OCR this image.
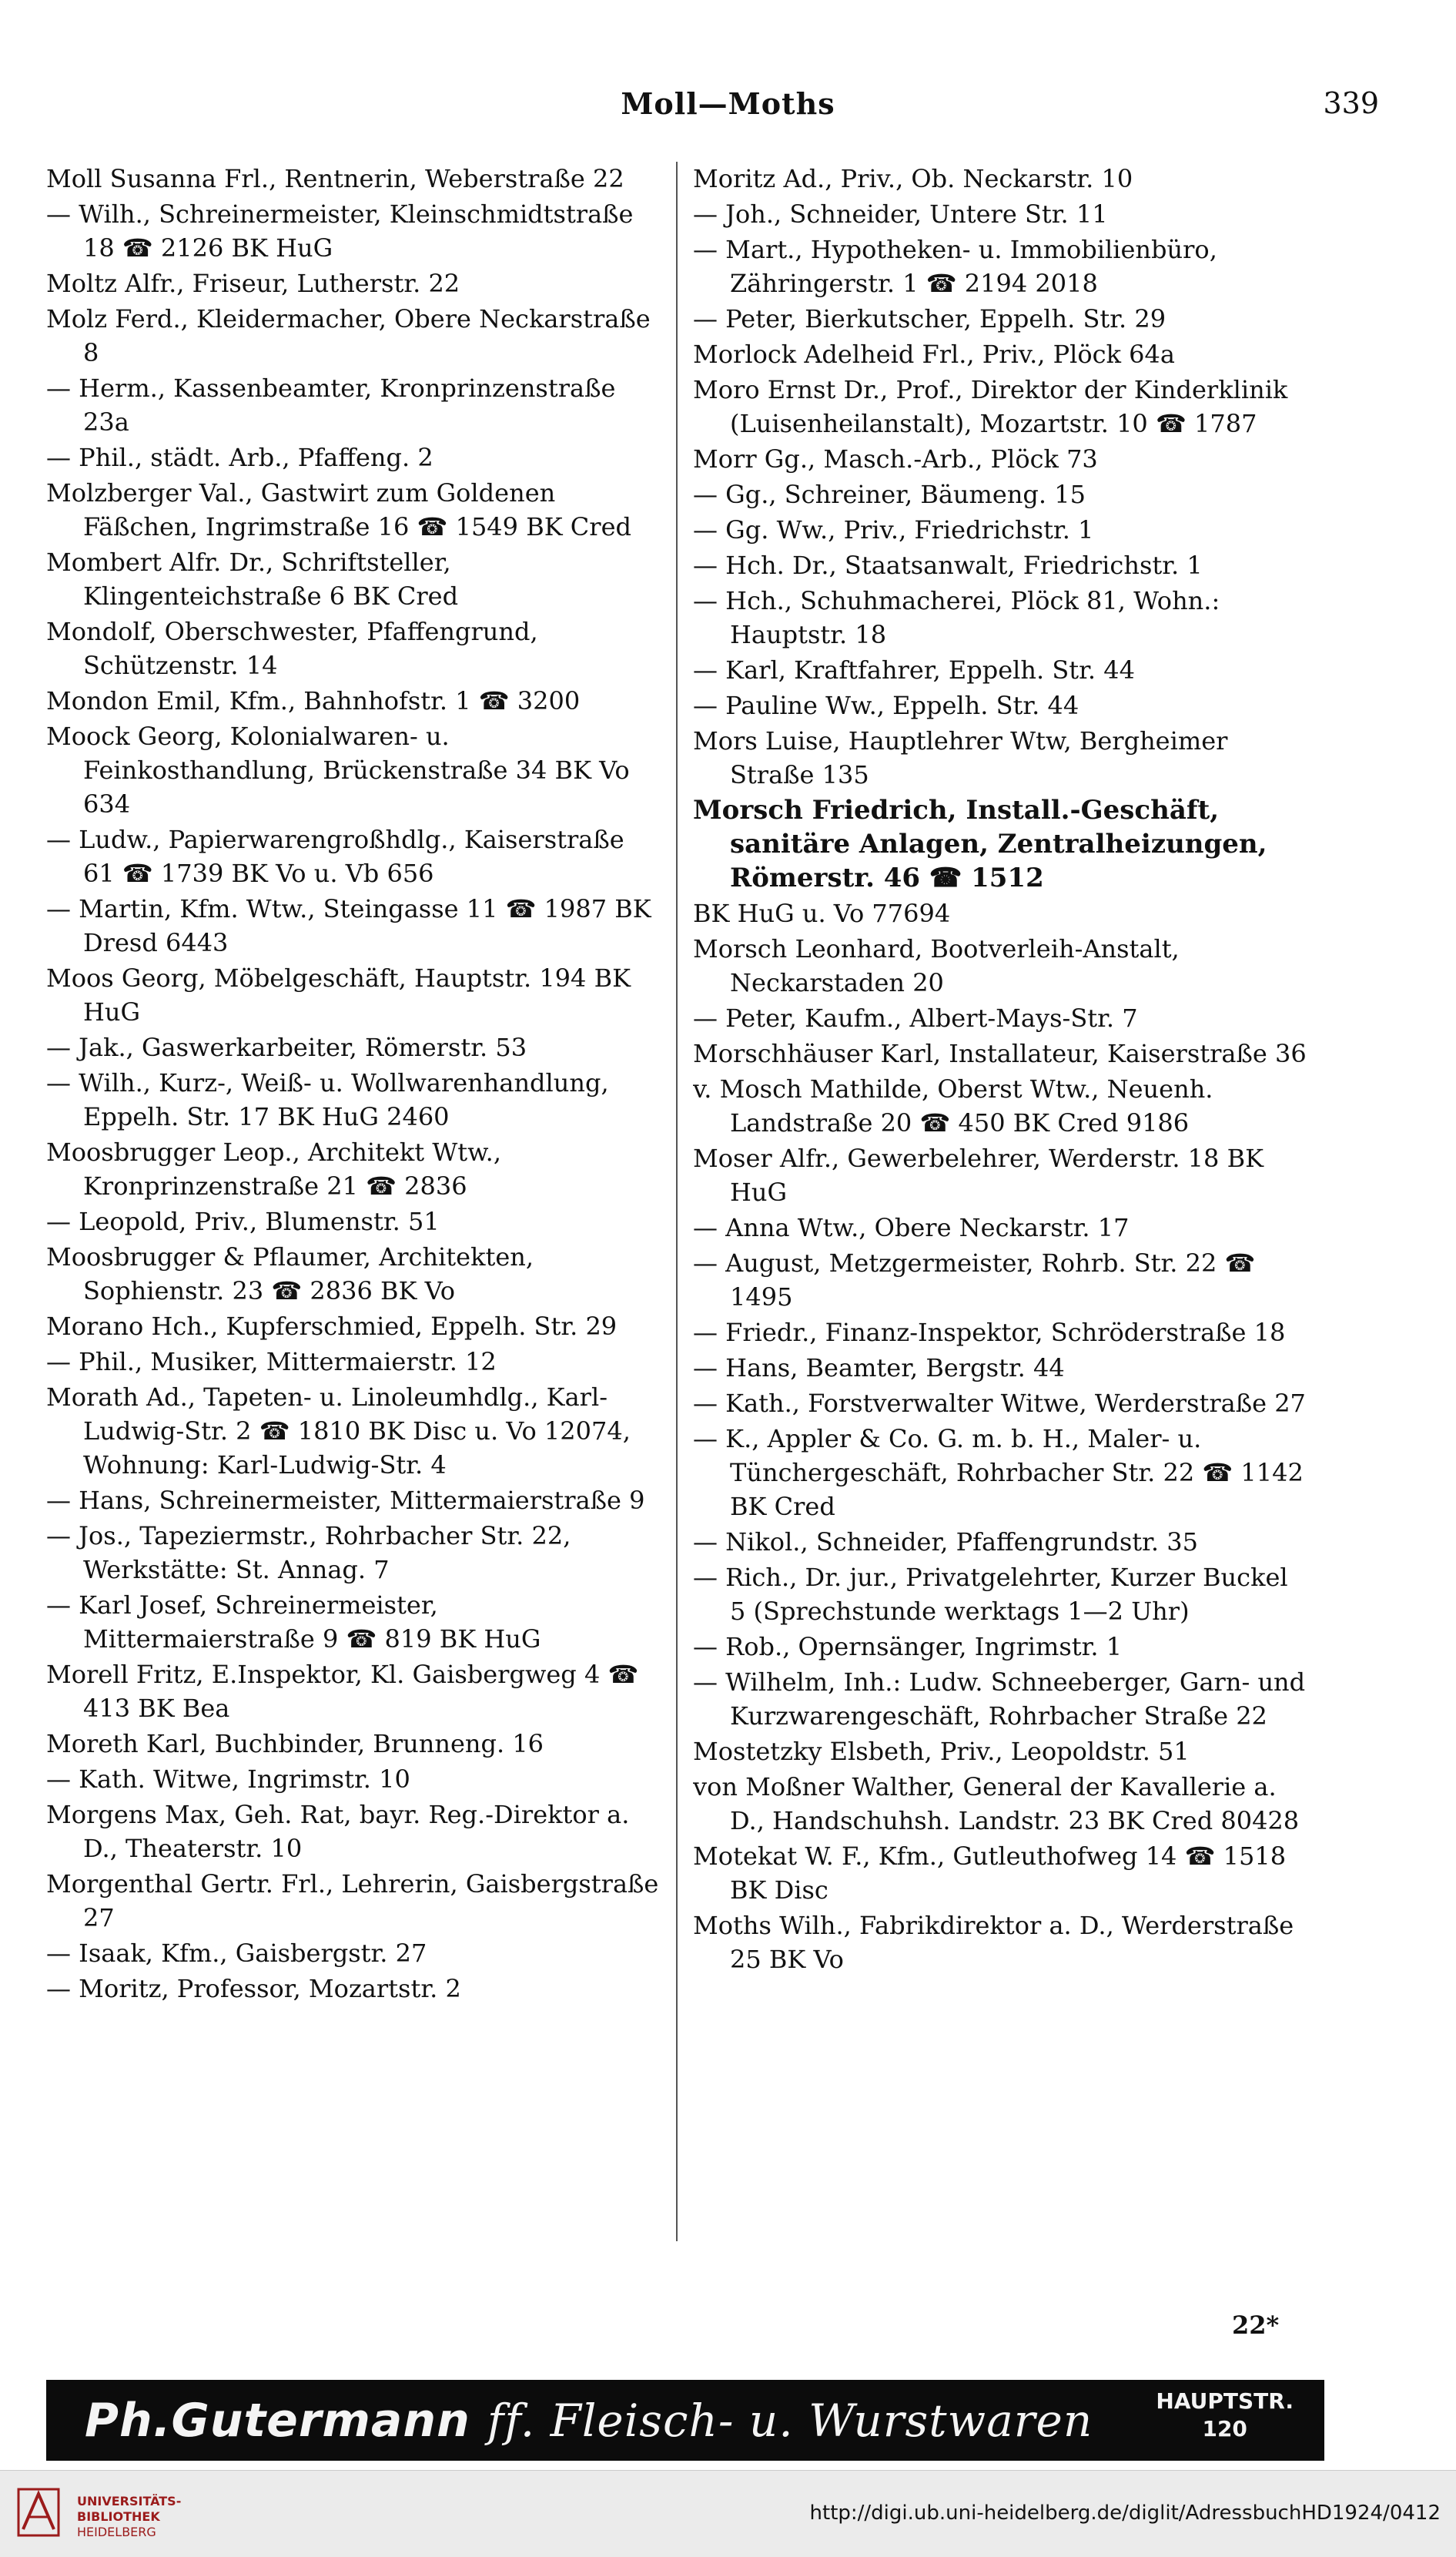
Moll—Moths	339

Moll Susanna Frl., Rentnerin, Weberstraße 22

— Wilh., Schreinermeister, Kleinschmidtstraße 18 ☎ 2126 BK HuG

Moltz Alfr., Friseur, Lutherstr. 22

Molz Ferd., Kleidermacher, Obere Neckarstraße 8

— Herm., Kassenbeamter, Kronprinzenstraße 23a

— Phil., städt. Arb., Pfaffeng. 2

Molzberger Val., Gastwirt zum Goldenen Fäßchen, Ingrimstraße 16 ☎ 1549 BK Cred

Mombert Alfr. Dr., Schriftsteller, Klingenteichstraße 6 BK Cred

Mondolf, Oberschwester, Pfaffengrund, Schützenstr. 14

Mondon Emil, Kfm., Bahnhofstr. 1 ☎ 3200

Moock Georg, Kolonialwaren- u. Feinkosthandlung, Brückenstraße 34 BK Vo 634

— Ludw., Papierwarengroßhdlg., Kaiserstraße 61 ☎ 1739 BK Vo u. Vb 656

— Martin, Kfm. Wtw., Steingasse 11 ☎ 1987 BK Dresd 6443

Moos Georg, Möbelgeschäft, Hauptstr. 194 BK HuG

— Jak., Gaswerkarbeiter, Römerstr. 53

— Wilh., Kurz-, Weiß- u. Wollwarenhandlung, Eppelh. Str. 17 BK HuG 2460

Moosbrugger Leop., Architekt Wtw., Kronprinzenstraße 21 ☎ 2836

— Leopold, Priv., Blumenstr. 51

Moosbrugger & Pflaumer, Architekten, Sophienstr. 23 ☎ 2836 BK Vo

Morano Hch., Kupferschmied, Eppelh. Str. 29

— Phil., Musiker, Mittermaierstr. 12

Morath Ad., Tapeten- u. Linoleumhdlg., Karl-Ludwig-Str. 2 ☎ 1810 BK Disc u. Vo 12074, Wohnung: Karl-Ludwig-Str. 4

— Hans, Schreinermeister, Mittermaierstraße 9

— Jos., Tapeziermstr., Rohrbacher Str. 22, Werkstätte: St. Annag. 7

— Karl Josef, Schreinermeister, Mittermaierstraße 9 ☎ 819 BK HuG

Morell Fritz, E.Inspektor, Kl. Gaisbergweg 4 ☎ 413 BK Bea

Moreth Karl, Buchbinder, Brunneng. 16

— Kath. Witwe, Ingrimstr. 10

Morgens Max, Geh. Rat, bayr. Reg.-Direktor a. D., Theaterstr. 10

Morgenthal Gertr. Frl., Lehrerin, Gaisbergstraße 27

— Isaak, Kfm., Gaisbergstr. 27

— Moritz, Professor, Mozartstr. 2

Moritz Ad., Priv., Ob. Neckarstr. 10

— Joh., Schneider, Untere Str. 11

— Mart., Hypotheken- u. Immobilienbüro, Zähringerstr. 1 ☎ 2194 2018

— Peter, Bierkutscher, Eppelh. Str. 29

Morlock Adelheid Frl., Priv., Plöck 64a

Moro Ernst Dr., Prof., Direktor der Kinderklinik (Luisenheilanstalt), Mozartstr. 10 ☎ 1787

Morr Gg., Masch.-Arb., Plöck 73

— Gg., Schreiner, Bäumeng. 15

— Gg. Ww., Priv., Friedrichstr. 1

— Hch. Dr., Staatsanwalt, Friedrichstr. 1

— Hch., Schuhmacherei, Plöck 81, Wohn.: Hauptstr. 18

— Karl, Kraftfahrer, Eppelh. Str. 44

— Pauline Ww., Eppelh. Str. 44

Mors Luise, Hauptlehrer Wtw, Bergheimer Straße 135

Morsch Friedrich, Install.-Geschäft, sanitäre Anlagen, Zentralheizungen, Römerstr. 46 ☎ 1512

BK HuG u. Vo 77694

Morsch Leonhard, Bootverleih-Anstalt, Neckarstaden 20

— Peter, Kaufm., Albert-Mays-Str. 7

Morschhäuser Karl, Installateur, Kaiserstraße 36

v. Mosch Mathilde, Oberst Wtw., Neuenh. Landstraße 20 ☎ 450 BK Cred 9186

Moser Alfr., Gewerbelehrer, Werderstr. 18 BK HuG

— Anna Wtw., Obere Neckarstr. 17

— August, Metzgermeister, Rohrb. Str. 22 ☎ 1495

— Friedr., Finanz-Inspektor, Schröderstraße 18

— Hans, Beamter, Bergstr. 44

— Kath., Forstverwalter Witwe, Werderstraße 27

— K., Appler & Co. G. m. b. H., Maler- u. Tünchergeschäft, Rohrbacher Str. 22 ☎ 1142 BK Cred

— Nikol., Schneider, Pfaffengrundstr. 35

— Rich., Dr. jur., Privatgelehrter, Kurzer Buckel 5 (Sprechstunde werktags 1—2 Uhr)

— Rob., Opernsänger, Ingrimstr. 1

— Wilhelm, Inh.: Ludw. Schneeberger, Garn- und Kurzwarengeschäft, Rohrbacher Straße 22

Mostetzky Elsbeth, Priv., Leopoldstr. 51

von Moßner Walther, General der Kavallerie a. D., Handschuhsh. Landstr. 23 BK Cred 80428

Motekat W. F., Kfm., Gutleuthofweg 14 ☎ 1518 BK Disc

Moths Wilh., Fabrikdirektor a. D., Werderstraße 25 BK Vo

22*
Ph.Gutermann ff. Fleisch- u. Wurstwaren	HAUPTSTR.
120
UNIVERSITÄTS-
BIBLIOTHEK
HEIDELBERG
http://digi.ub.uni-heidelberg.de/diglit/AdressbuchHD1924/0412
